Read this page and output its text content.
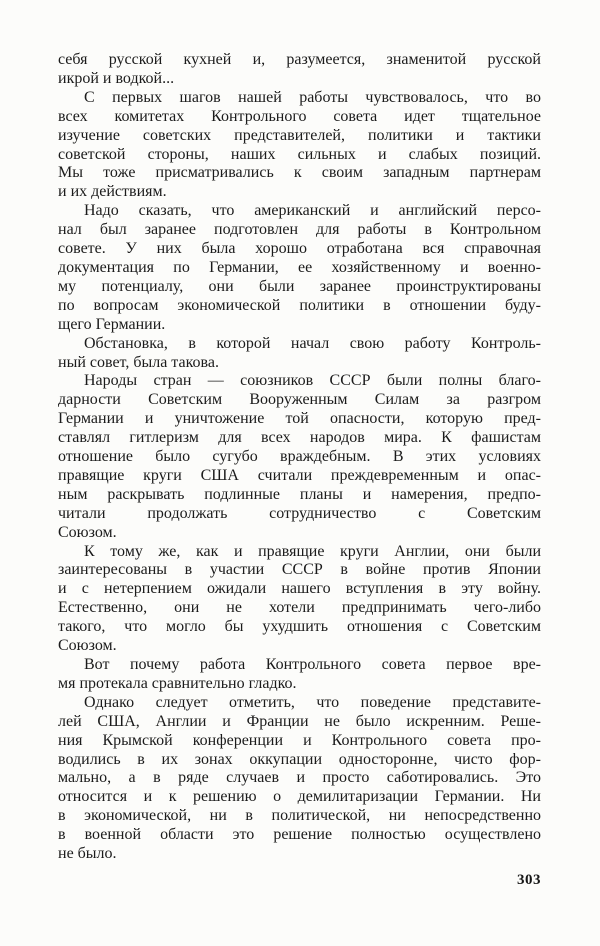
себя русской кухней и, разумеется, знаменитой русской
икрой и водкой...
С первых шагов нашей работы чувствовалось, что во
всех комитетах Контрольного совета идет тщательное
изучение советских представителей, политики и тактики
советской стороны, наших сильных и слабых позиций.
Мы тоже присматривались к своим западным партнерам
и их действиям.
Надо сказать, что американский и английский персо-
нал был заранее подготовлен для работы в Контрольном
совете. У них была хорошо отработана вся справочная
документация по Германии, ее хозяйственному и военно-
му потенциалу, они были заранее проинструктированы
по вопросам экономической политики в отношении буду-
щего Германии.
Обстановка, в которой начал свою работу Контроль-
ный совет, была такова.
Народы стран — союзников СССР были полны благо-
дарности Советским Вооруженным Силам за разгром
Германии и уничтожение той опасности, которую пред-
ставлял гитлеризм для всех народов мира. К фашистам
отношение было сугубо враждебным. В этих условиях
правящие круги США считали преждевременным и опас-
ным раскрывать подлинные планы и намерения, предпо-
читали продолжать сотрудничество с Советским
Союзом.
К тому же, как и правящие круги Англии, они были
заинтересованы в участии СССР в войне против Японии
и с нетерпением ожидали нашего вступления в эту войну.
Естественно, они не хотели предпринимать чего-либо
такого, что могло бы ухудшить отношения с Советским
Союзом.
Вот почему работа Контрольного совета первое вре-
мя протекала сравнительно гладко.
Однако следует отметить, что поведение представите-
лей США, Англии и Франции не было искренним. Реше-
ния Крымской конференции и Контрольного совета про-
водились в их зонах оккупации односторонне, чисто фор-
мально, а в ряде случаев и просто саботировались. Это
относится и к решению о демилитаризации Германии. Ни
в экономической, ни в политической, ни непосредственно
в военной области это решение полностью осуществлено
не было.
303
